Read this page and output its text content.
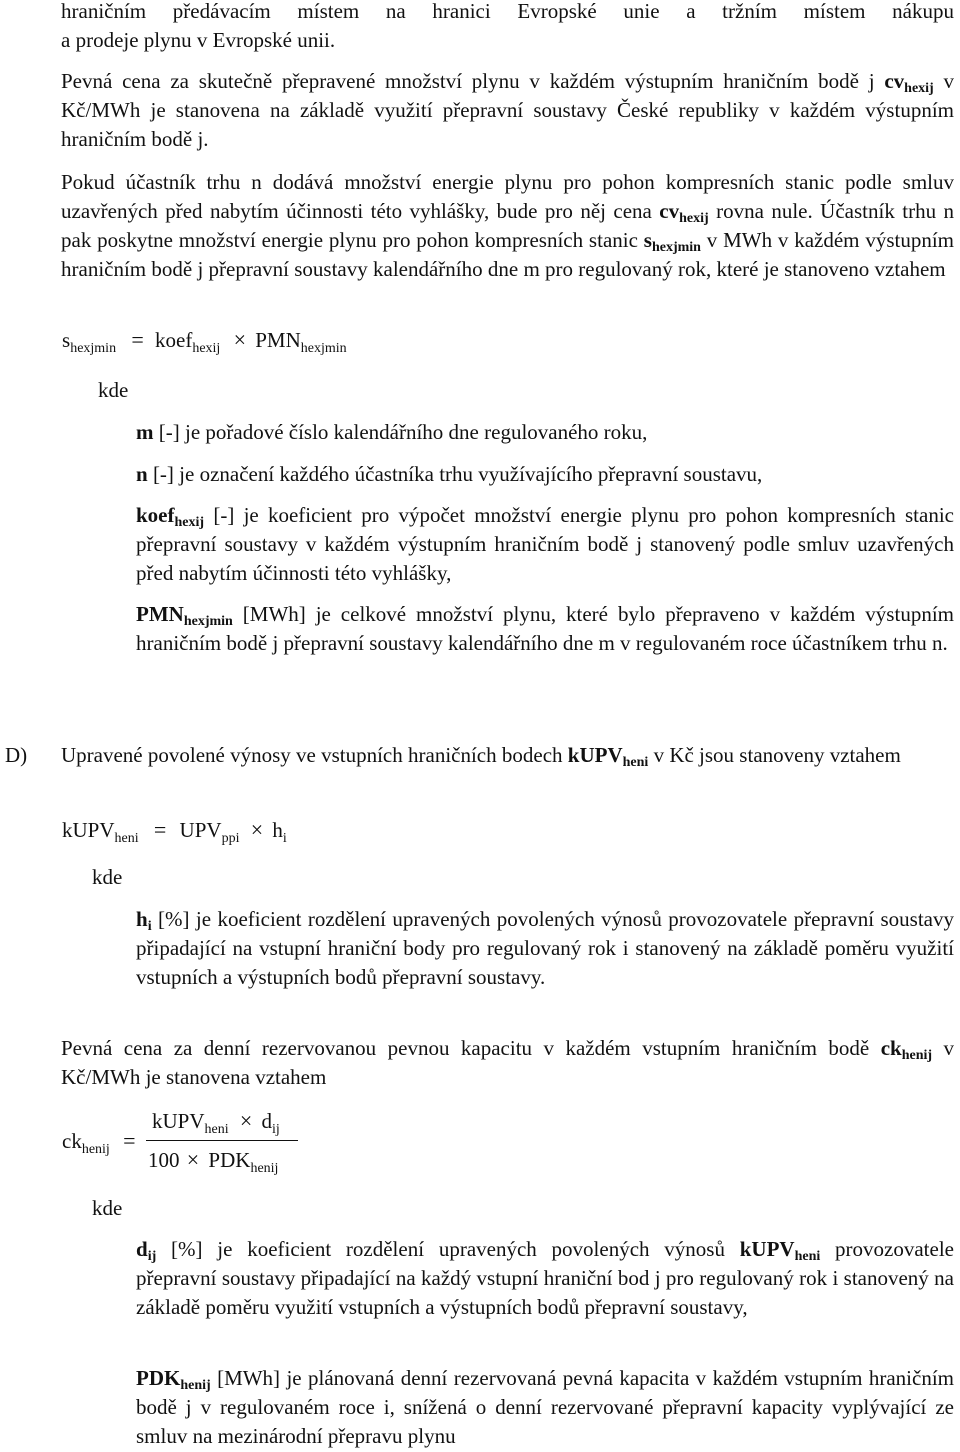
hraničním předávacím místem na hranici Evropské unie a tržním místem nákupu
a prodeje plynu v Evropské unii.

Pevná cena za skutečně přepravené množství plynu v každém výstupním hraničním bodě j $cv_{hexij}$ v Kč/MWh je stanovena na základě využití přepravní soustavy České republiky v každém výstupním hraničním bodě j.

Pokud účastník trhu n dodává množství energie plynu pro pohon kompresních stanic podle smluv uzavřených před nabytím účinnosti této vyhlášky, bude pro něj cena $cv_{hexij}$ rovna nule. Účastník trhu n pak poskytne množství energie plynu pro pohon kompresních stanic $s_{hexjmin}$ v MWh v každém výstupním hraničním bodě j přepravní soustavy kalendářního dne m pro regulovaný rok, které je stanoveno vztahem

$s_{hexjmin}$ = koef$_{hexij}$ × $PMN_{hexjmin}$
kde

m [-] je pořadové číslo kalendářního dne regulovaného roku,

n [-] je označení každého účastníka trhu využívajícího přepravní soustavu,

koef$_{hexij}$ [-] je koeficient pro výpočet množství energie plynu pro pohon kompresních stanic přepravní soustavy v každém výstupním hraničním bodě j stanovený podle smluv uzavřených před nabytím účinnosti této vyhlášky,

$PMN_{hexjmin}$ [MWh] je celkové množství plynu, které bylo přepraveno v každém výstupním hraničním bodě j přepravní soustavy kalendářního dne m v regulovaném roce účastníkem trhu n.

D) Upravené povolené výnosy ve vstupních hraničních bodech kUPV$_{heni}$ v Kč jsou stanoveny vztahem

kUPV$_{heni}$ = $UPV_{ppi} \times h_i$
kde

$h_i$ [%] je koeficient rozdělení upravených povolených výnosů provozovatele přepravní soustavy připadající na vstupní hraniční body pro regulovaný rok i stanovený na základě poměru využití vstupních a výstupních bodů přepravní soustavy.

Pevná cena za denní rezervovanou pevnou kapacitu v každém vstupním hraničním bodě $ck_{henij}$ v Kč/MWh je stanovena vztahem

$ck_{henij}$ =
kUPV$_{heni}$ × $d_{ij}$
$100 \times PDK_{henij}$
kde

$d_{ij}$ [%] je koeficient rozdělení upravených povolených výnosů kUPV$_{heni}$ provozovatele přepravní soustavy připadající na každý vstupní hraniční bod j pro regulovaný rok i stanovený na základě poměru využití vstupních a výstupních bodů přepravní soustavy,

$PDK_{henij}$ [MWh] je plánovaná denní rezervovaná pevná kapacita v každém vstupním hraničním bodě j v regulovaném roce i, snížená o denní rezervované přepravní kapacity vyplývající ze smluv na mezinárodní přepravu plynu
